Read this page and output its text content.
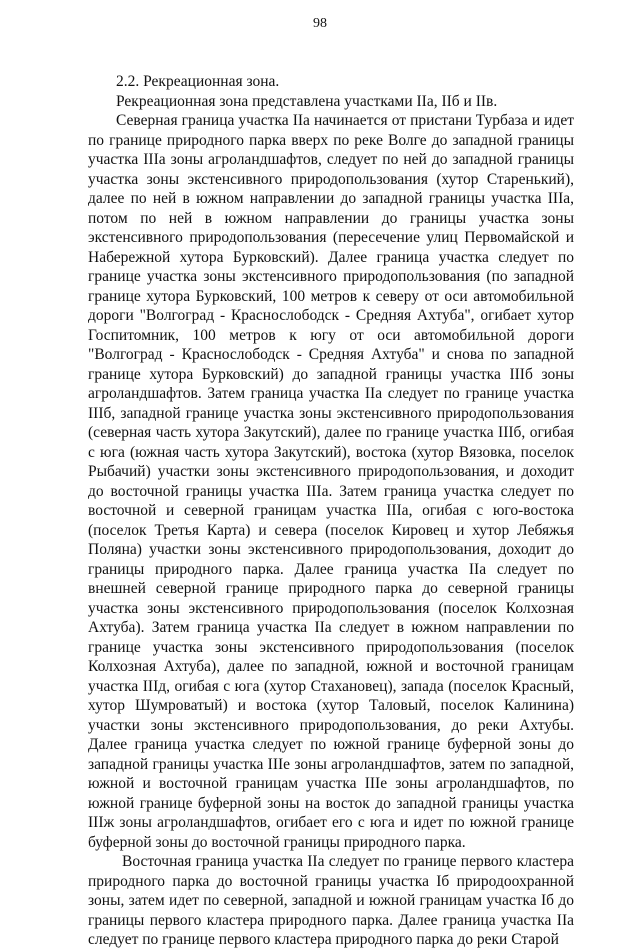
98

2.2. Рекреационная зона.

Рекреационная зона представлена участками IIа, IIб и IIв.

Северная граница участка IIа начинается от пристани Турбаза и идет по границе природного парка вверх по реке Волге до западной границы участка IIIа зоны агроландшафтов, следует по ней до западной границы участка зоны экстенсивного природопользования (хутор Старенький), далее по ней в южном направлении до западной границы участка IIIа, потом по ней в южном направлении до границы участка зоны экстенсивного природопользования (пересечение улиц Первомайской и Набережной хутора Бурковский). Далее граница участка следует по границе участка зоны экстенсивного природопользования (по западной границе хутора Бурковский, 100 метров к северу от оси автомобильной дороги "Волгоград - Краснослободск - Средняя Ахтуба", огибает хутор Госпитомник, 100 метров к югу от оси автомобильной дороги "Волгоград - Краснослободск - Средняя Ахтуба" и снова по западной границе хутора Бурковский) до западной границы участка IIIб зоны агроландшафтов. Затем граница участка IIа следует по границе участка IIIб, западной границе участка зоны экстенсивного природопользования (северная часть хутора Закутский), далее по границе участка IIIб, огибая с юга (южная часть хутора Закутский), востока (хутор Вязовка, поселок Рыбачий) участки зоны экстенсивного природопользования, и доходит до восточной границы участка IIIа. Затем граница участка следует по восточной и северной границам участка IIIа, огибая с юго-востока (поселок Третья Карта) и севера (поселок Кировец и хутор Лебяжья Поляна) участки зоны экстенсивного природопользования, доходит до границы природного парка. Далее граница участка IIа следует по внешней северной границе природного парка до северной границы участка зоны экстенсивного природопользования (поселок Колхозная Ахтуба). Затем граница участка IIа следует в южном направлении по границе участка зоны экстенсивного природопользования (поселок Колхозная Ахтуба), далее по западной, южной и восточной границам участка IIIд, огибая с юга (хутор Стахановец), запада (поселок Красный, хутор Шумроватый) и востока (хутор Таловый, поселок Калинина) участки зоны экстенсивного природопользования, до реки Ахтубы. Далее граница участка следует по южной границе буферной зоны до западной границы участка IIIе зоны агроландшафтов, затем по западной, южной и восточной границам участка IIIе зоны агроландшафтов, по южной границе буферной зоны на восток до западной границы участка IIIж зоны агроландшафтов, огибает его с юга и идет по южной границе буферной зоны до восточной границы природного парка.

Восточная граница участка IIа следует по границе первого кластера природного парка до восточной границы участка Iб природоохранной зоны, затем идет по северной, западной и южной границам участка Iб до границы первого кластера природного парка. Далее граница участка IIа следует по границе первого кластера природного парка до реки Старой
